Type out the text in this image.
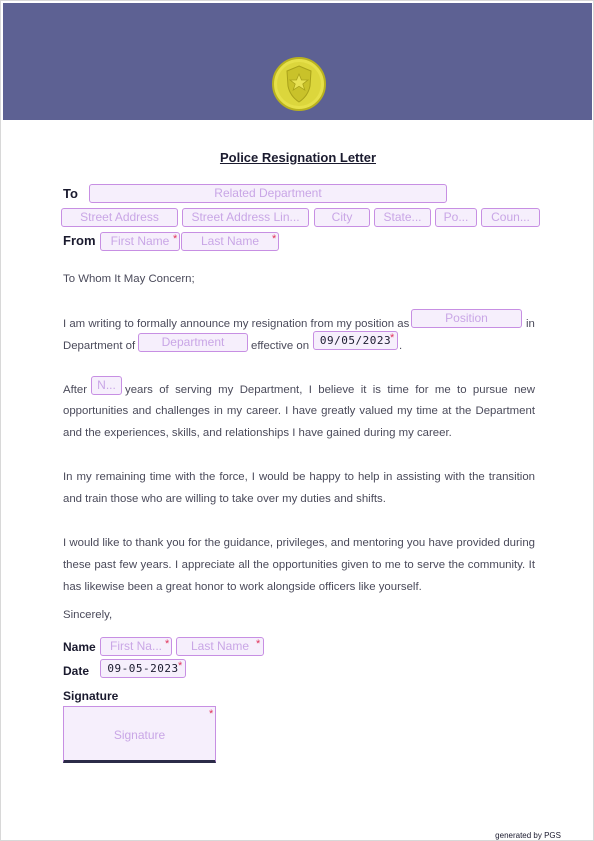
Police Resignation Letter
To	Related Department
Street Address	Street Address Lin...	City	State...	Po...	Coun...
From	First Name *	Last Name	*
To Whom It May Concern;
I am writing to formally announce my resignation from my position as	Position	in
Department of	Department	effective on 09/05/2023
*
.
After N... years of serving my Department, I believe it is time for me to pursue new
opportunities and challenges in my career. I have greatly valued my time at the Department and the experiences, skills, and relationships I have gained during my career.
In my remaining time with the force, I would be happy to help in assisting with the transition and train those who are willing to take over my duties and shifts.
I would like to thank you for the guidance, privileges, and mentoring you have provided during these past few years. I appreciate all the opportunities given to me to serve the community. It has likewise been a great honor to work alongside officers like yourself.
Sincerely,
Name	First Na... *	Last Name *
Date	09-05-2023 *
Signature
Signature
*
generated by PGS
